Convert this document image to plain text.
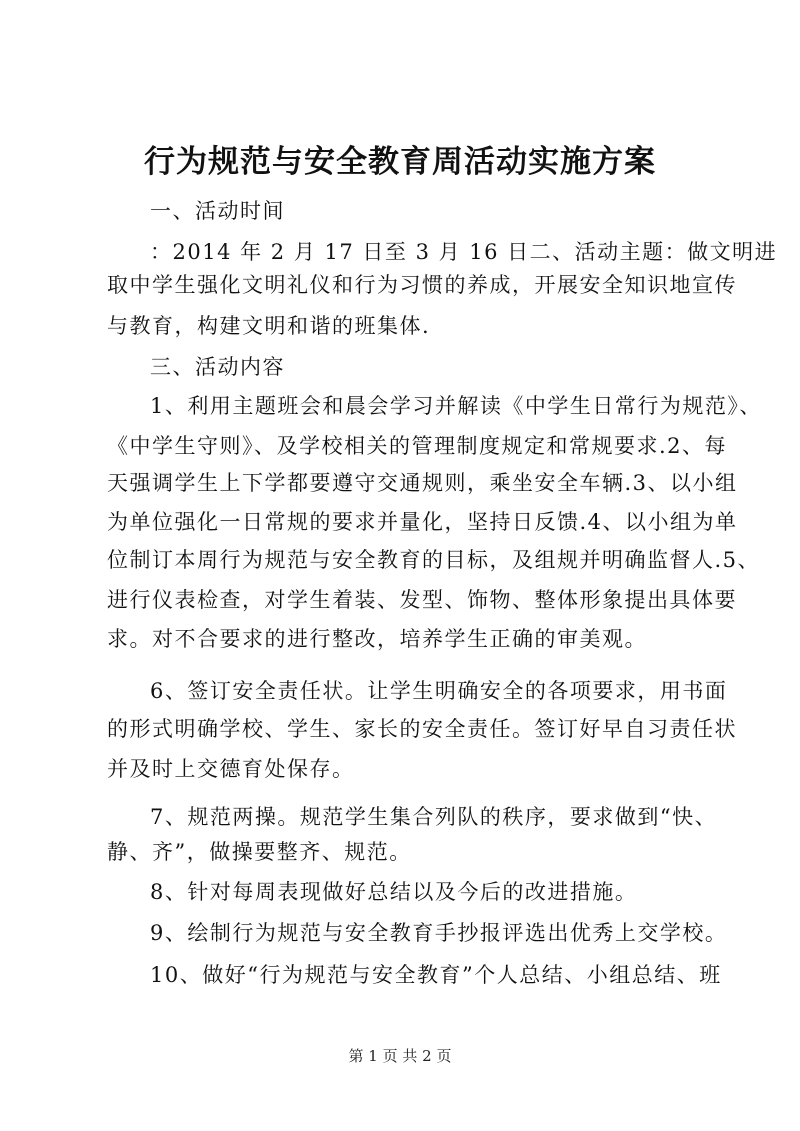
行为规范与安全教育周活动实施方案
一、活动时间
：2014 年 2 月 17 日至 3 月 16 日二、活动主题：做文明进
取中学生强化文明礼仪和行为习惯的养成，开展安全知识地宣传
与教育，构建文明和谐的班集体.
三、活动内容
1、利用主题班会和晨会学习并解读《中学生日常行为规范》、
《中学生守则》、及学校相关的管理制度规定和常规要求.2、每
天强调学生上下学都要遵守交通规则，乘坐安全车辆.3、以小组
为单位强化一日常规的要求并量化，坚持日反馈.4、以小组为单
位制订本周行为规范与安全教育的目标，及组规并明确监督人.5、
进行仪表检查，对学生着装、发型、饰物、整体形象提出具体要
求。对不合要求的进行整改，培养学生正确的审美观。
6、签订安全责任状。让学生明确安全的各项要求，用书面
的形式明确学校、学生、家长的安全责任。签订好早自习责任状
并及时上交德育处保存。
7、规范两操。规范学生集合列队的秩序，要求做到“快、
静、齐”，做操要整齐、规范。
8、针对每周表现做好总结以及今后的改进措施。
9、绘制行为规范与安全教育手抄报评选出优秀上交学校。
10、做好“行为规范与安全教育”个人总结、小组总结、班
第 1 页 共 2 页
